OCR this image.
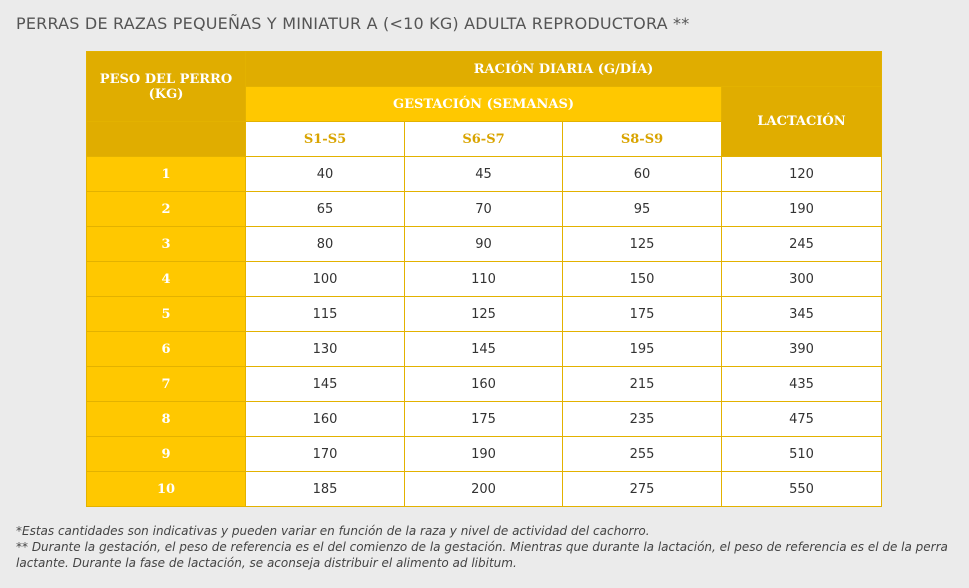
PERRAS DE RAZAS PEQUEÑAS Y MINIATUR A (<10 KG) ADULTA REPRODUCTORA **
PESO DEL PERRO (KG)	RACIÓN DIARIA (G/DÍA)			
	GESTACIÓN (SEMANAS)			LACTACIÓN
	S1-S5	S6-S7	S8-S9	
1	40	45	60	120
2	65	70	95	190
3	80	90	125	245
4	100	110	150	300
5	115	125	175	345
6	130	145	195	390
7	145	160	215	435
8	160	175	235	475
9	170	190	255	510
10	185	200	275	550

*Estas cantidades son indicativas y pueden variar en función de la raza y nivel de actividad del cachorro.

** Durante la gestación, el peso de referencia es el del comienzo de la gestación. Mientras que durante la lactación, el peso de referencia es el de la perra lactante. Durante la fase de lactación, se aconseja distribuir el alimento ad libitum.
